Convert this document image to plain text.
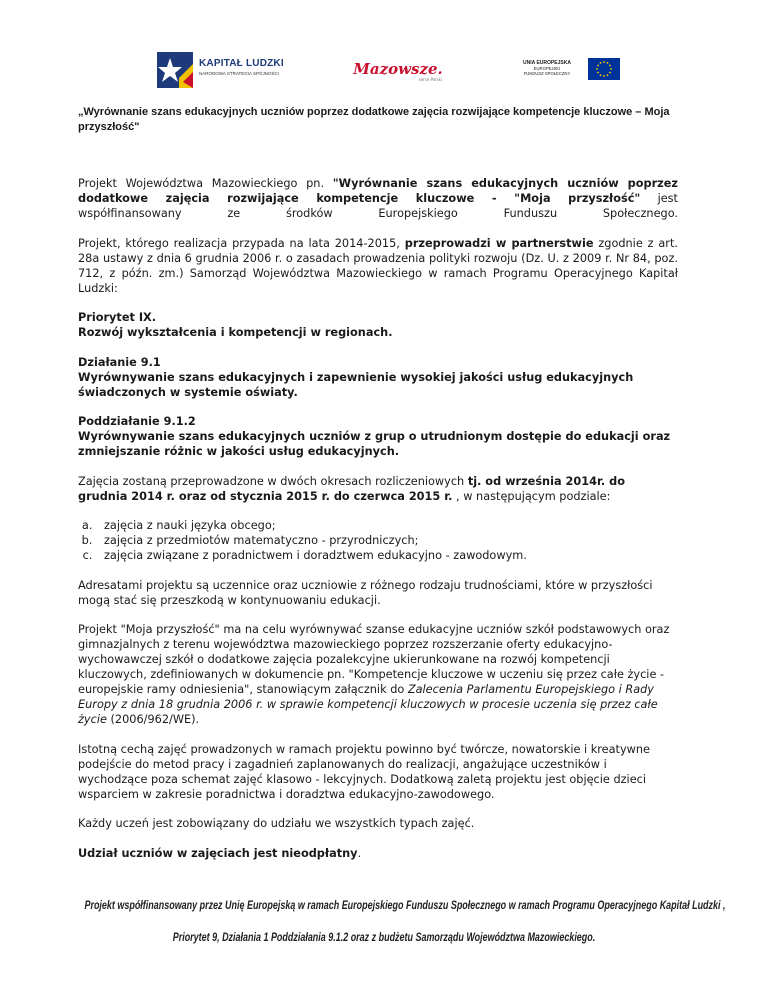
KAPITAŁ LUDZKI
NARODOWA STRATEGIA SPÓJNOŚCI	Mazowsze.
serce Polski
UNIA EUROPEJSKA
EUROPEJSKI
FUNDUSZ SPOŁECZNY
„Wyrównanie szans edukacyjnych uczniów poprzez dodatkowe zajęcia rozwijające kompetencje kluczowe – Moja przyszłość"

Projekt Województwa Mazowieckiego pn. "Wyrównanie szans edukacyjnych uczniów poprzez
dodatkowe zajęcia rozwijające kompetencje kluczowe - "Moja przyszłość" jest
współfinansowany ze środków Europejskiego Funduszu Społecznego.

Projekt, którego realizacja przypada na lata 2014-2015, przeprowadzi w partnerstwie zgodnie z art. 28a ustawy z dnia 6 grudnia 2006 r. o zasadach prowadzenia polityki rozwoju (Dz. U. z 2009 r. Nr 84, poz. 712, z późn. zm.) Samorząd Województwa Mazowieckiego w ramach Programu Operacyjnego Kapitał Ludzki:

Priorytet IX.
Rozwój wykształcenia i kompetencji w regionach.

Działanie 9.1
Wyrównywanie szans edukacyjnych i zapewnienie wysokiej jakości usług edukacyjnych świadczonych w systemie oświaty.

Poddziałanie 9.1.2
Wyrównywanie szans edukacyjnych uczniów z grup o utrudnionym dostępie do edukacji oraz zmniejszanie różnic w jakości usług edukacyjnych.

Zajęcia zostaną przeprowadzone w dwóch okresach rozliczeniowych tj. od września 2014r. do grudnia 2014 r. oraz od stycznia 2015 r. do czerwca 2015 r. , w następującym podziale:

a. zajęcia z nauki języka obcego;
b. zajęcia z przedmiotów matematyczno - przyrodniczych;
c. zajęcia związane z poradnictwem i doradztwem edukacyjno - zawodowym.

Adresatami projektu są uczennice oraz uczniowie z różnego rodzaju trudnościami, które w przyszłości mogą stać się przeszkodą w kontynuowaniu edukacji.

Projekt "Moja przyszłość" ma na celu wyrównywać szanse edukacyjne uczniów szkół podstawowych oraz gimnazjalnych z terenu województwa mazowieckiego poprzez rozszerzanie oferty edukacyjno-wychowawczej szkół o dodatkowe zajęcia pozalekcyjne ukierunkowane na rozwój kompetencji kluczowych, zdefiniowanych w dokumencie pn. "Kompetencje kluczowe w uczeniu się przez całe życie - europejskie ramy odniesienia", stanowiącym załącznik do Zalecenia Parlamentu Europejskiego i Rady Europy z dnia 18 grudnia 2006 r. w sprawie kompetencji kluczowych w procesie uczenia się przez całe życie (2006/962/WE).

Istotną cechą zajęć prowadzonych w ramach projektu powinno być twórcze, nowatorskie i kreatywne podejście do metod pracy i zagadnień zaplanowanych do realizacji, angażujące uczestników i wychodzące poza schemat zajęć klasowo - lekcyjnych. Dodatkową zaletą projektu jest objęcie dzieci wsparciem w zakresie poradnictwa i doradztwa edukacyjno-zawodowego.

Każdy uczeń jest zobowiązany do udziału we wszystkich typach zajęć.

Udział uczniów w zajęciach jest nieodpłatny.

Projekt współfinansowany przez Unię Europejską w ramach Europejskiego Funduszu Społecznego w ramach Programu Operacyjnego Kapitał Ludzki ,
Priorytet 9, Działania 1 Poddziałania 9.1.2 oraz z budżetu Samorządu Województwa Mazowieckiego.
